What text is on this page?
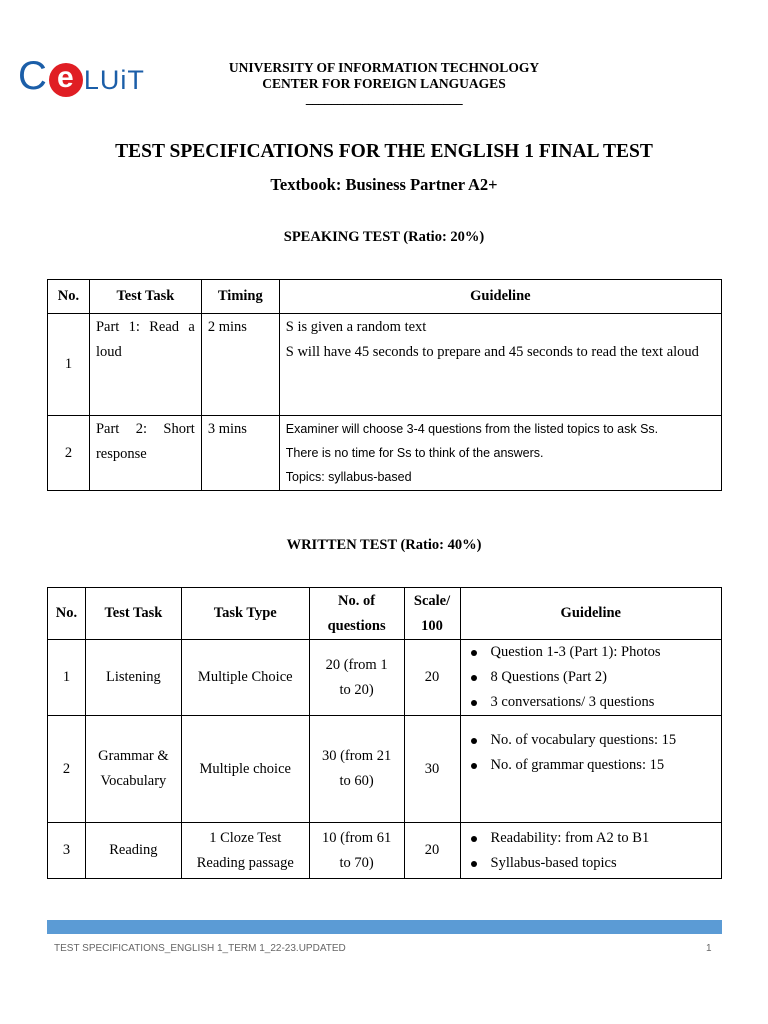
C e LUiT	UNIVERSITY OF INFORMATION TECHNOLOGY
CENTER FOR FOREIGN LANGUAGES
_________________________
TEST SPECIFICATIONS FOR THE ENGLISH 1 FINAL TEST
Textbook: Business Partner A2+
SPEAKING TEST (Ratio: 20%)
No.	Test Task	Timing	Guideline
1	Part 1: Read a loud	2 mins	S is given a random text
S will have 45 seconds to prepare and 45 seconds to read the text aloud

2	Part 2: Short response	3 mins	Examiner will choose 3-4 questions from the listed topics to ask Ss.
There is no time for Ss to think of the answers.
Topics: syllabus-based
WRITTEN TEST (Ratio: 40%)
No.	Test Task	Task Type	No. of questions	Scale/ 100	Guideline
1	Listening	Multiple Choice	20 (from 1 to 20)	20	Question 1-3 (Part 1): Photos
8 Questions (Part 2)
3 conversations/ 3 questions

2	Grammar & Vocabulary	Multiple choice	30 (from 21 to 60)	30	No. of vocabulary questions: 15
No. of grammar questions: 15

3	Reading	1 Cloze Test Reading passage	10 (from 61 to 70)	20	Readability: from A2 to B1
Syllabus-based topics
TEST SPECIFICATIONS_ENGLISH 1_TERM 1_22-23.UPDATED	1
